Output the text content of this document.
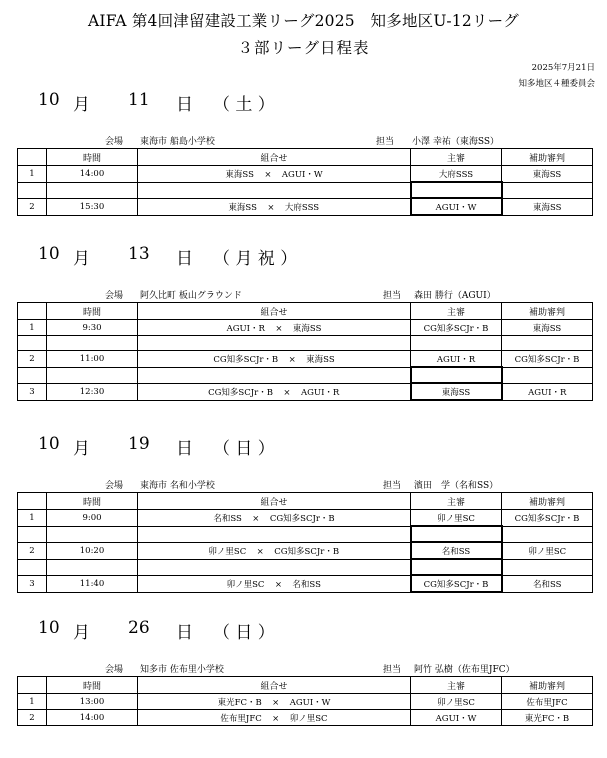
AIFA 第4回津留建設工業リーグ2025　知多地区U-12リーグ
３部リーグ日程表
2025年7月21日
知多地区４種委員会
10 月 11 日 （ 土 ）
会場 東海市 船島小学校	担当 小澤 幸祐（東海SS）
	時間	組合せ	主審	補助審判
1	14:00	東海SS × AGUI・W	大府SSS	東海SS

2	15:30	東海SS × 大府SSS	AGUI・W	東海SS
10 月 13 日 （ 月 祝 ）
会場 阿久比町 板山グラウンド	担当 森田 勝行（AGUI）
	時間	組合せ	主審	補助審判
1	9:30	AGUI・R × 東海SS	CG知多SCJr・B	東海SS

2	11:00	CG知多SCJr・B × 東海SS	AGUI・R	CG知多SCJr・B

3	12:30	CG知多SCJr・B × AGUI・R	東海SS	AGUI・R
10 月 19 日 （ 日 ）
会場 東海市 名和小学校	担当 濱田　学（名和SS）
	時間	組合せ	主審	補助審判
1	9:00	名和SS × CG知多SCJr・B	卯ノ里SC	CG知多SCJr・B

2	10:20	卯ノ里SC × CG知多SCJr・B	名和SS	卯ノ里SC

3	11:40	卯ノ里SC × 名和SS	CG知多SCJr・B	名和SS
10 月 26 日 （ 日 ）
会場 知多市 佐布里小学校	担当 阿竹 弘樹（佐布里JFC）
	時間	組合せ	主審	補助審判
1	13:00	東光FC・B × AGUI・W	卯ノ里SC	佐布里JFC
2	14:00	佐布里JFC × 卯ノ里SC	AGUI・W	東光FC・B
